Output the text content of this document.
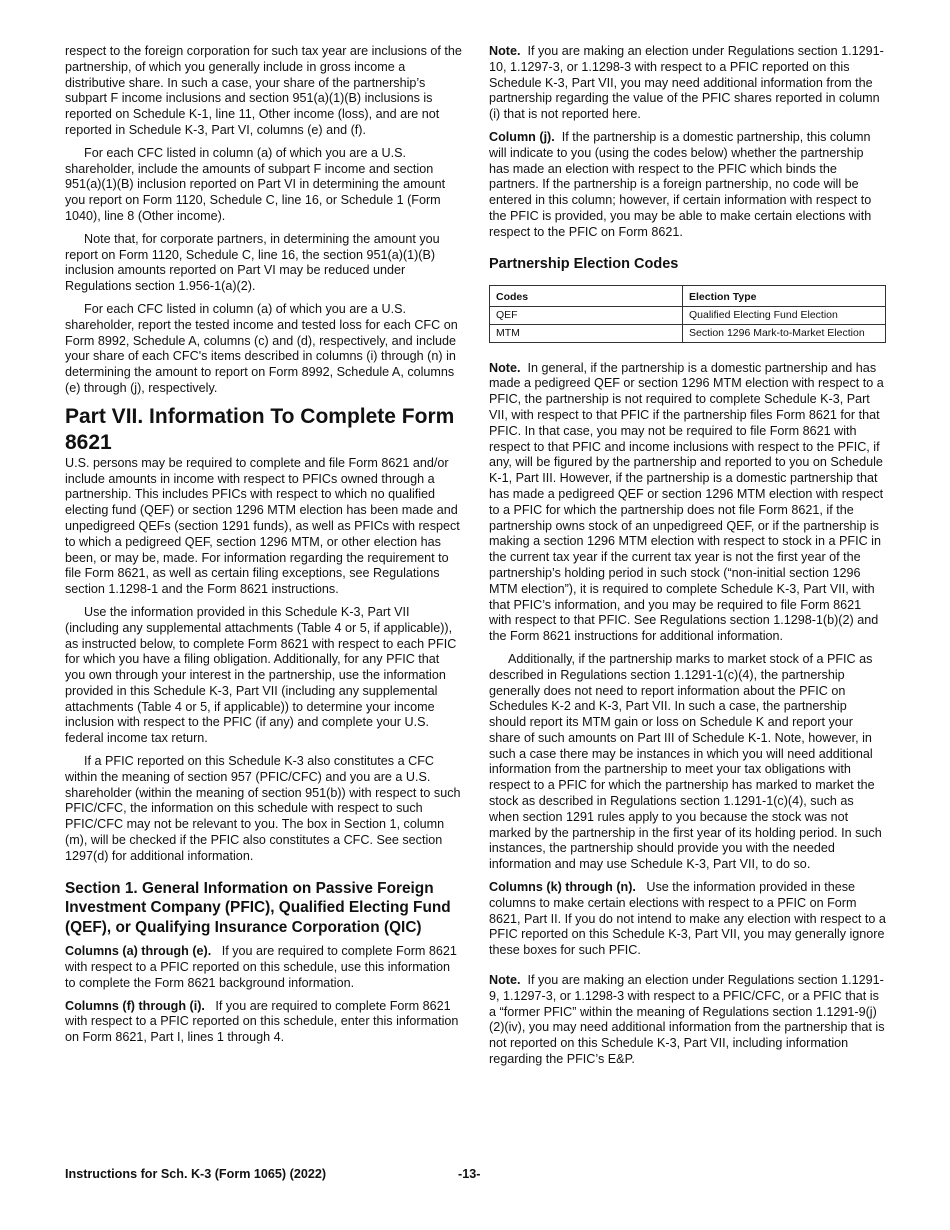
respect to the foreign corporation for such tax year are inclusions of the partnership, of which you generally include in gross income a distributive share. In such a case, your share of the partnership’s subpart F income inclusions and section 951(a)(1)(B) inclusions is reported on Schedule K-1, line 11, Other income (loss), and are not reported in Schedule K-3, Part VI, columns (e) and (f).

For each CFC listed in column (a) of which you are a U.S. shareholder, include the amounts of subpart F income and section 951(a)(1)(B) inclusion reported on Part VI in determining the amount you report on Form 1120, Schedule C, line 16, or Schedule 1 (Form 1040), line 8 (Other income).

Note that, for corporate partners, in determining the amount you report on Form 1120, Schedule C, line 16, the section 951(a)(1)(B) inclusion amounts reported on Part VI may be reduced under Regulations section 1.956-1(a)(2).

For each CFC listed in column (a) of which you are a U.S. shareholder, report the tested income and tested loss for each CFC on Form 8992, Schedule A, columns (c) and (d), respectively, and include your share of each CFC's items described in columns (i) through (n) in determining the amount to report on Form 8992, Schedule A, columns (e) through (j), respectively.

Part VII. Information To Complete Form 8621

U.S. persons may be required to complete and file Form 8621 and/or include amounts in income with respect to PFICs owned through a partnership. This includes PFICs with respect to which no qualified electing fund (QEF) or section 1296 MTM election has been made and unpedigreed QEFs (section 1291 funds), as well as PFICs with respect to which a pedigreed QEF, section 1296 MTM, or other election has been, or may be, made. For information regarding the requirement to file Form 8621, as well as certain filing exceptions, see Regulations section 1.1298-1 and the Form 8621 instructions.

Use the information provided in this Schedule K-3, Part VII (including any supplemental attachments (Table 4 or 5, if applicable)), as instructed below, to complete Form 8621 with respect to each PFIC for which you have a filing obligation. Additionally, for any PFIC that you own through your interest in the partnership, use the information provided in this Schedule K-3, Part VII (including any supplemental attachments (Table 4 or 5, if applicable)) to determine your income inclusion with respect to the PFIC (if any) and complete your U.S. federal income tax return.

If a PFIC reported on this Schedule K-3 also constitutes a CFC within the meaning of section 957 (PFIC/CFC) and you are a U.S. shareholder (within the meaning of section 951(b)) with respect to such PFIC/CFC, the information on this schedule with respect to such PFIC/CFC may not be relevant to you. The box in Section 1, column (m), will be checked if the PFIC also constitutes a CFC. See section 1297(d) for additional information.

Section 1. General Information on Passive Foreign Investment Company (PFIC), Qualified Electing Fund (QEF), or Qualifying Insurance Corporation (QIC)

Columns (a) through (e). If you are required to complete Form 8621 with respect to a PFIC reported on this schedule, use this information to complete the Form 8621 background information.

Columns (f) through (i). If you are required to complete Form 8621 with respect to a PFIC reported on this schedule, enter this information on Form 8621, Part I, lines 1 through 4.

Note. If you are making an election under Regulations section 1.1291-10, 1.1297-3, or 1.1298-3 with respect to a PFIC reported on this Schedule K-3, Part VII, you may need additional information from the partnership regarding the value of the PFIC shares reported in column (i) that is not reported here.

Column (j). If the partnership is a domestic partnership, this column will indicate to you (using the codes below) whether the partnership has made an election with respect to the PFIC which binds the partners. If the partnership is a foreign partnership, no code will be entered in this column; however, if certain information with respect to the PFIC is provided, you may be able to make certain elections with respect to the PFIC on Form 8621.

Partnership Election Codes
Codes	Election Type
QEF	Qualified Electing Fund Election
MTM	Section 1296 Mark-to-Market Election

Note. In general, if the partnership is a domestic partnership and has made a pedigreed QEF or section 1296 MTM election with respect to a PFIC, the partnership is not required to complete Schedule K-3, Part VII, with respect to that PFIC if the partnership files Form 8621 for that PFIC. In that case, you may not be required to file Form 8621 with respect to that PFIC and income inclusions with respect to the PFIC, if any, will be figured by the partnership and reported to you on Schedule K-1, Part III. However, if the partnership is a domestic partnership that has made a pedigreed QEF or section 1296 MTM election with respect to a PFIC for which the partnership does not file Form 8621, if the partnership owns stock of an unpedigreed QEF, or if the partnership is making a section 1296 MTM election with respect to stock in a PFIC in the current tax year if the current tax year is not the first year of the partnership’s holding period in such stock (“non-initial section 1296 MTM election”), it is required to complete Schedule K-3, Part VII, with that PFIC’s information, and you may be required to file Form 8621 with respect to that PFIC. See Regulations section 1.1298-1(b)(2) and the Form 8621 instructions for additional information.

Additionally, if the partnership marks to market stock of a PFIC as described in Regulations section 1.1291-1(c)(4), the partnership generally does not need to report information about the PFIC on Schedules K-2 and K-3, Part VII. In such a case, the partnership should report its MTM gain or loss on Schedule K and report your share of such amounts on Part III of Schedule K-1. Note, however, in such a case there may be instances in which you will need additional information from the partnership to meet your tax obligations with respect to a PFIC for which the partnership has marked to market the stock as described in Regulations section 1.1291-1(c)(4), such as when section 1291 rules apply to you because the stock was not marked by the partnership in the first year of its holding period. In such instances, the partnership should provide you with the needed information and may use Schedule K-3, Part VII, to do so.

Columns (k) through (n). Use the information provided in these columns to make certain elections with respect to a PFIC on Form 8621, Part II. If you do not intend to make any election with respect to a PFIC reported on this Schedule K-3, Part VII, you may generally ignore these boxes for such PFIC.

Note. If you are making an election under Regulations section 1.1291-9, 1.1297-3, or 1.1298-3 with respect to a PFIC/CFC, or a PFIC that is a “former PFIC” within the meaning of Regulations section 1.1291-9(j)(2)(iv), you may need additional information from the partnership that is not reported on this Schedule K-3, Part VII, including information regarding the PFIC’s E&P.

Instructions for Sch. K-3 (Form 1065) (2022)	-13-
